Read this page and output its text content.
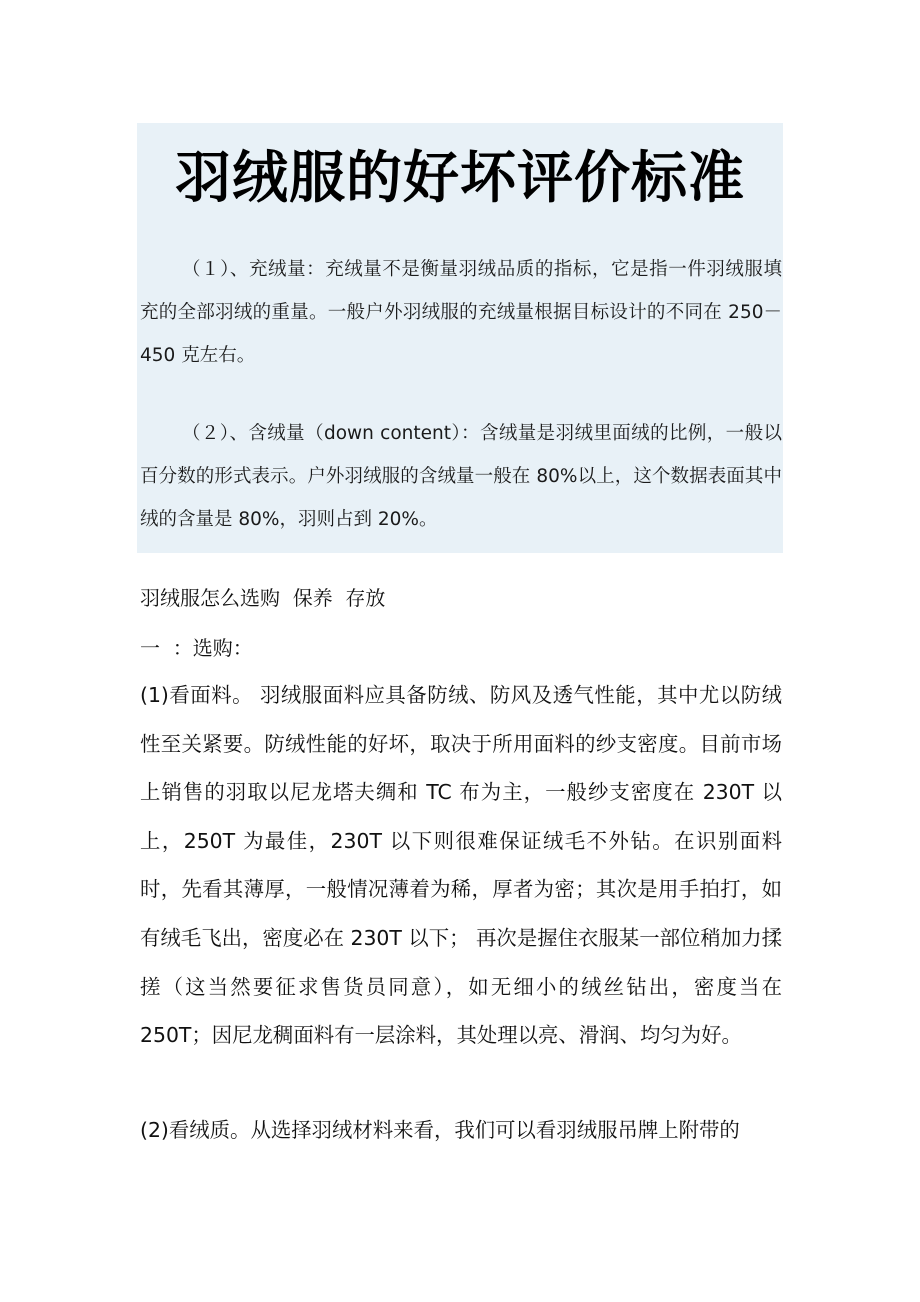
羽绒服的好坏评价标准

（１）、充绒量：充绒量不是衡量羽绒品质的指标，它是指一件羽绒服填充的全部羽绒的重量。一般户外羽绒服的充绒量根据目标设计的不同在 250－450 克左右。

（２）、含绒量（down content）：含绒量是羽绒里面绒的比例，一般以百分数的形式表示。户外羽绒服的含绒量一般在 80%以上，这个数据表面其中绒的含量是 80%，羽则占到 20%。

羽绒服怎么选购  保养  存放
一  ：选购：

(1)看面料。 羽绒服面料应具备防绒、防风及透气性能，其中尤以防绒性至关紧要。防绒性能的好坏，取决于所用面料的纱支密度。目前市场上销售的羽取以尼龙塔夫绸和 TC 布为主，一般纱支密度在 230T 以上，250T 为最佳，230T 以下则很难保证绒毛不外钻。在识别面料时，先看其薄厚，一般情况薄着为稀，厚者为密；其次是用手拍打，如有绒毛飞出，密度必在 230T 以下； 再次是握住衣服某一部位稍加力揉搓（这当然要征求售货员同意），如无细小的绒丝钻出，密度当在 250T；因尼龙稠面料有一层涂料，其处理以亮、滑润、均匀为好。

(2)看绒质。从选择羽绒材料来看，我们可以看羽绒服吊牌上附带的
